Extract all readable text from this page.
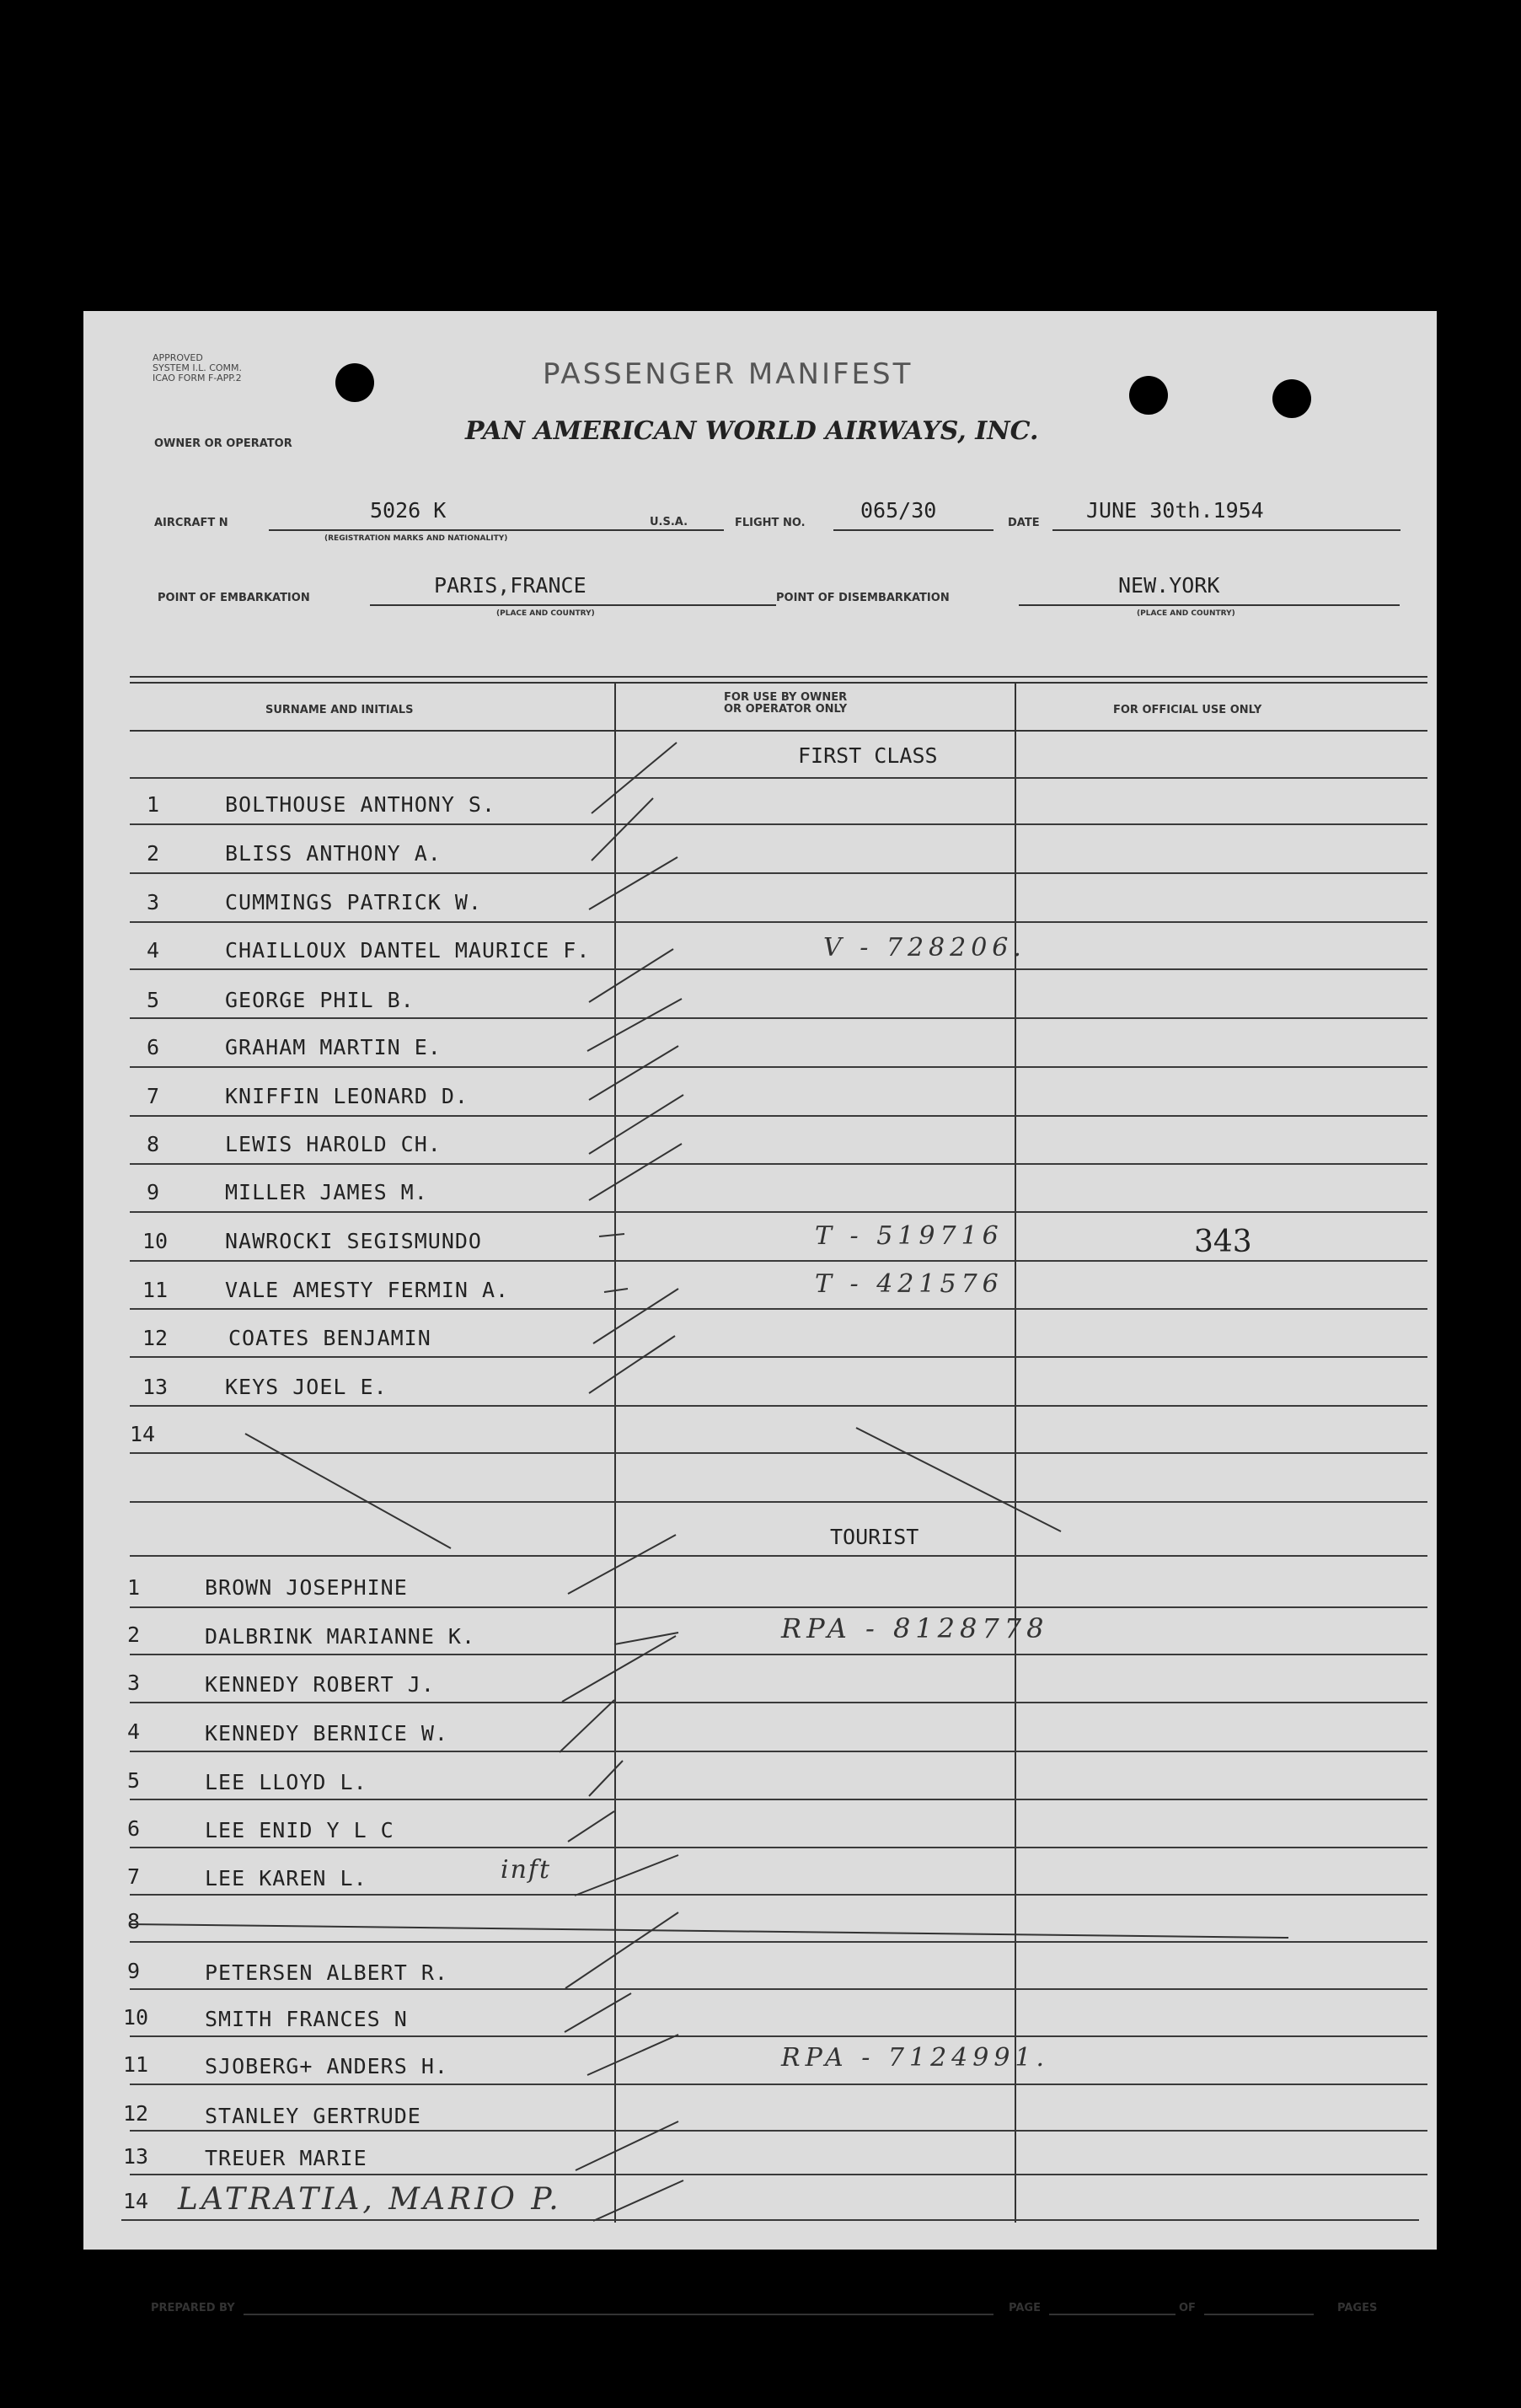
APPROVED
SYSTEM I.L. COMM.
ICAO FORM F-APP.2	PASSENGER MANIFEST
PAN AMERICAN WORLD AIRWAYS, INC.
OWNER OR OPERATOR
AIRCRAFT N
5026 K
(REGISTRATION MARKS AND NATIONALITY)
U.S.A.	FLIGHT NO.
065/30
DATE
JUNE 30th.1954
POINT OF EMBARKATION
PARIS,FRANCE
(PLACE AND COUNTRY)
POINT OF DISEMBARKATION
NEW.YORK
(PLACE AND COUNTRY)
SURNAME AND INITIALS
FOR USE BY OWNER
OR OPERATOR ONLY	FOR OFFICIAL USE ONLY
FIRST CLASS
1	BOLTHOUSE ANTHONY S.
2	BLISS ANTHONY A.
3	CUMMINGS PATRICK W.
4	CHAILLOUX DANTEL MAURICE F.	V - 728206.
5	GEORGE PHIL B.
6	GRAHAM MARTIN E.
7	KNIFFIN LEONARD D.
8	LEWIS HAROLD CH.
9	MILLER JAMES M.
10	NAWROCKI SEGISMUNDO	T - 519716	343
11	VALE AMESTY FERMIN A.	T - 421576
12	COATES BENJAMIN
13	KEYS JOEL E.
14
TOURIST
1	BROWN JOSEPHINE
2	DALBRINK MARIANNE K.	RPA - 8128778
3	KENNEDY ROBERT J.
4	KENNEDY BERNICE W.
5	LEE LLOYD L.
6	LEE ENID Y L C
7	LEE KAREN L.	inft
8
9	PETERSEN ALBERT R.
10	SMITH FRANCES N
11	SJOBERG+ ANDERS H.	RPA - 7124991.
12	STANLEY GERTRUDE
13	TREUER MARIE
14 LATRATIA, MARIO P.
PREPARED BY	PAGE	OF	PAGES
